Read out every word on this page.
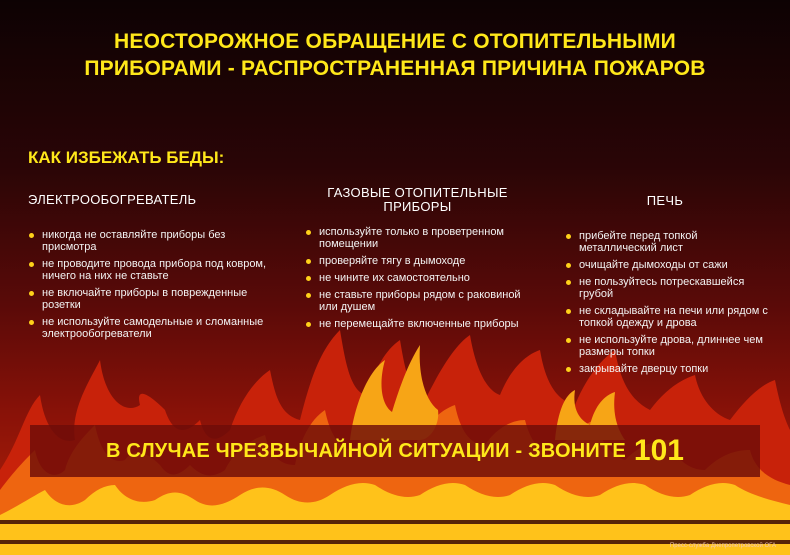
НЕОСТОРОЖНОЕ ОБРАЩЕНИЕ С ОТОПИТЕЛЬНЫМИ
ПРИБОРАМИ - РАСПРОСТРАНЕННАЯ ПРИЧИНА ПОЖАРОВ
КАК ИЗБЕЖАТЬ БЕДЫ:
ЭЛЕКТРООБОГРЕВАТЕЛЬ
никогда не оставляйте приборы без присмотра
не проводите провода прибора под ковром, ничего на них не ставьте
не включайте приборы в поврежденные розетки
не используйте самодельные и сломанные электрообогреватели
ГАЗОВЫЕ ОТОПИТЕЛЬНЫЕ ПРИБОРЫ
используйте только в проветренном помещении
проверяйте тягу в дымоходе
не чините их самостоятельно
не ставьте приборы рядом с раковиной или душем
не перемещайте включенные приборы
ПЕЧЬ
прибейте перед топкой металлический лист
очищайте дымоходы от сажи
не пользуйтесь потрескавшейся грубой
не складывайте на печи или рядом с топкой одежду и дрова
не используйте дрова, длиннее чем размеры топки
закрывайте дверцу топки
В СЛУЧАЕ ЧРЕЗВЫЧАЙНОЙ СИТУАЦИИ - ЗВОНИТЕ 101
Пресс-служба Днепропетровской ОГА
